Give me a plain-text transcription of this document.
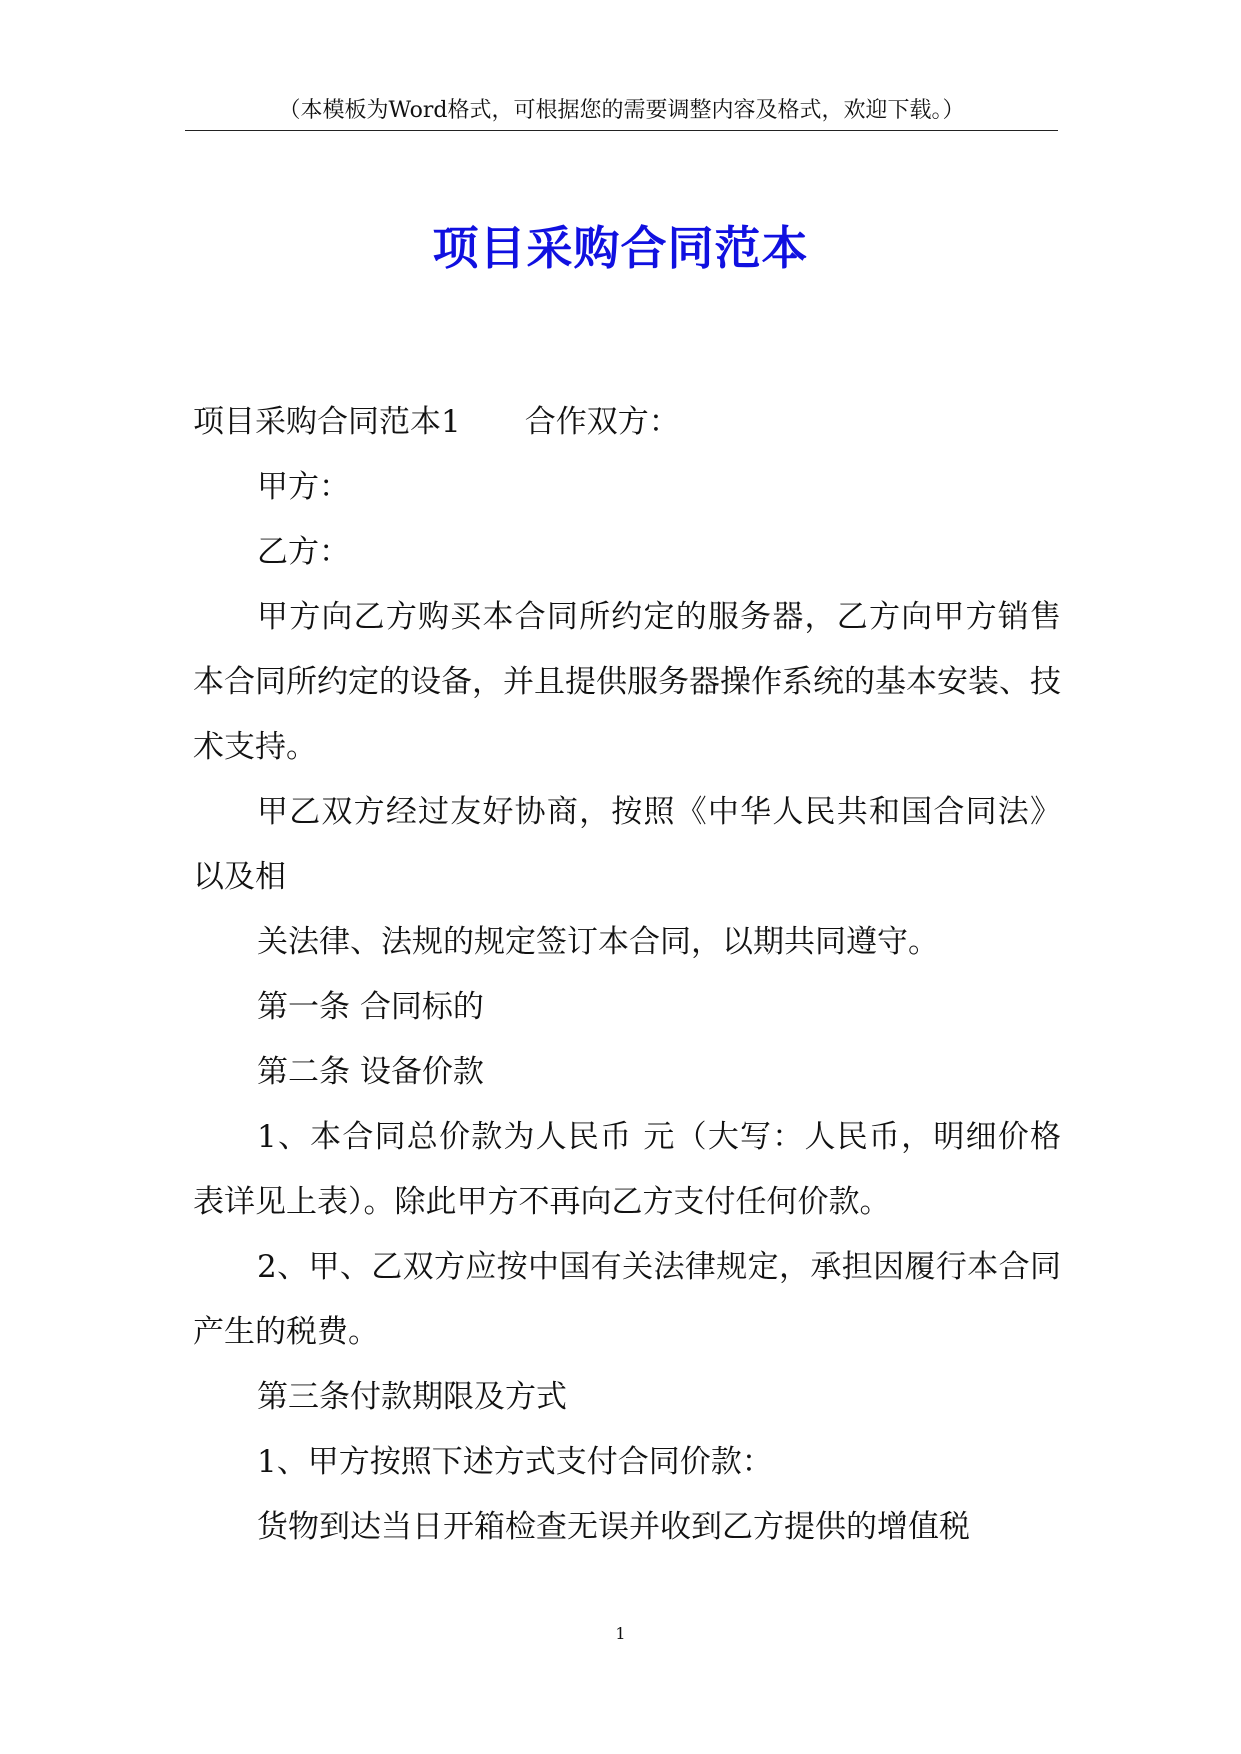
（本模板为Word格式，可根据您的需要调整内容及格式，欢迎下载。）
项目采购合同范本

项目采购合同范本1 合作双方：

甲方：

乙方：

甲方向乙方购买本合同所约定的服务器，乙方向甲方销售本合同所约定的设备，并且提供服务器操作系统的基本安装、技术支持。

甲乙双方经过友好协商，按照《中华人民共和国合同法》以及相

关法律、法规的规定签订本合同，以期共同遵守。

第一条 合同标的

第二条 设备价款

1、本合同总价款为人民币 元（大写：人民币，明细价格表详见上表）。除此甲方不再向乙方支付任何价款。

2、甲、乙双方应按中国有关法律规定，承担因履行本合同产生的税费。

第三条付款期限及方式

1、甲方按照下述方式支付合同价款：

货物到达当日开箱检查无误并收到乙方提供的增值税

1
